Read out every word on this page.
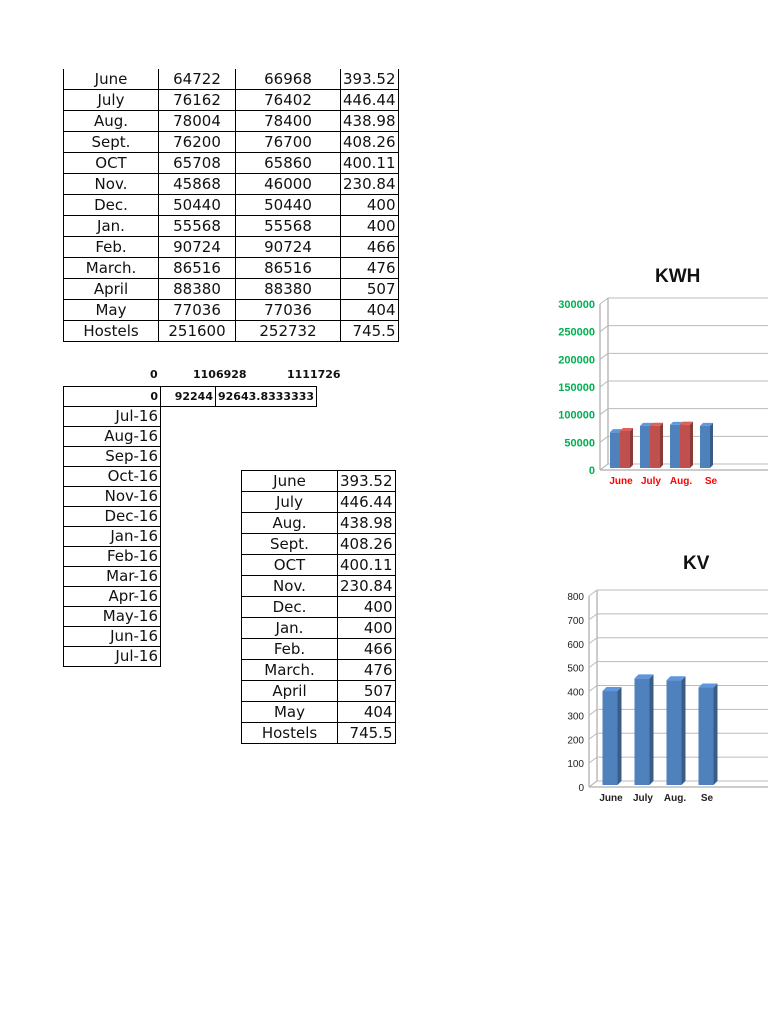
June	64722	66968	393.52
July	76162	76402	446.44
Aug.	78004	78400	438.98
Sept.	76200	76700	408.26
OCT	65708	65860	400.11
Nov.	45868	46000	230.84
Dec.	50440	50440	400
Jan.	55568	55568	400
Feb.	90724	90724	466
March.	86516	86516	476
April	88380	88380	507
May	77036	77036	404
Hostels	251600	252732	745.5
0	1106928	1111726
0	92244	92643.8333333
Jul-16		
Aug-16		
Sep-16		
Oct-16		
Nov-16		
Dec-16		
Jan-16		
Feb-16		
Mar-16		
Apr-16		
May-16		
Jun-16		
Jul-16		
June	393.52
July	446.44
Aug.	438.98
Sept.	408.26
OCT	400.11
Nov.	230.84
Dec.	400
Jan.	400
Feb.	466
March.	476
April	507
May	404
Hostels	745.5
KWH
300000
250000
200000
150000
100000
50000
0
June July Aug. Se
KV
800
700
600
500
400
300
200
100
0
June July Aug. Se
